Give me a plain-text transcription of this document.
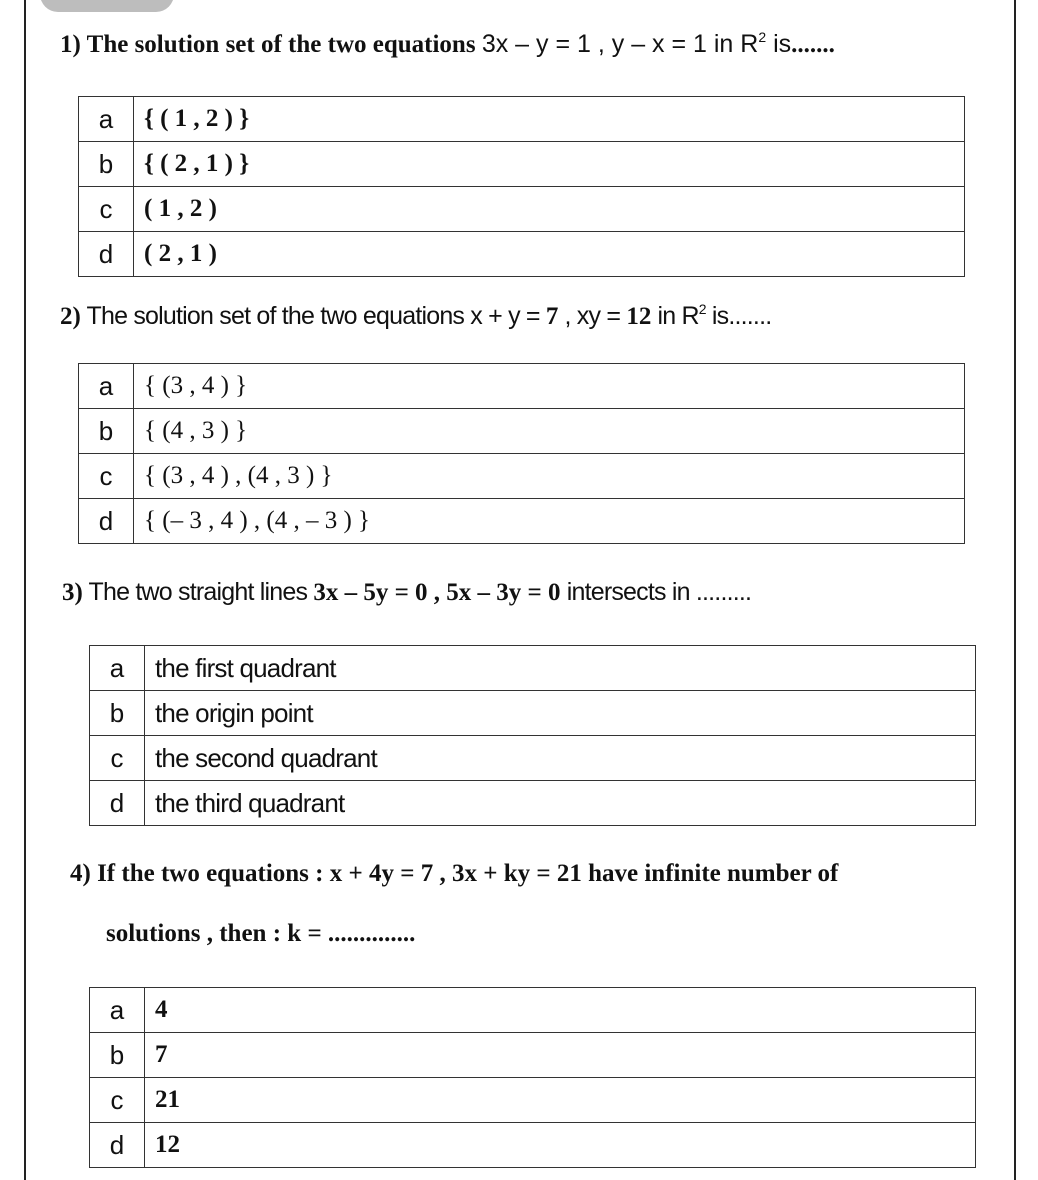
1) The solution set of the two equations 3x – y = 1 , y – x = 1 in $R^2$ is.......
a	{ ( 1 , 2 ) }
b	{ ( 2 , 1 ) }
c	( 1 , 2 )
d	( 2 , 1 )
2) The solution set of the two equations x + y = 7 , xy = 12 in $R^2$ is.......
a	{ (3 , 4 ) }
b	{ (4 , 3 ) }
c	{ (3 , 4 ) , (4 , 3 ) }
d	{ (– 3 , 4 ) , (4 , – 3 ) }
3) The two straight lines 3x – 5y = 0 , 5x – 3y = 0 intersects in .........
a	the first quadrant
b	the origin point
c	the second quadrant
d	the third quadrant
4) If the two equations : x + 4y = 7 , 3x + ky = 21 have infinite number of
solutions , then : k = ..............
a	4
b	7
c	21
d	12
